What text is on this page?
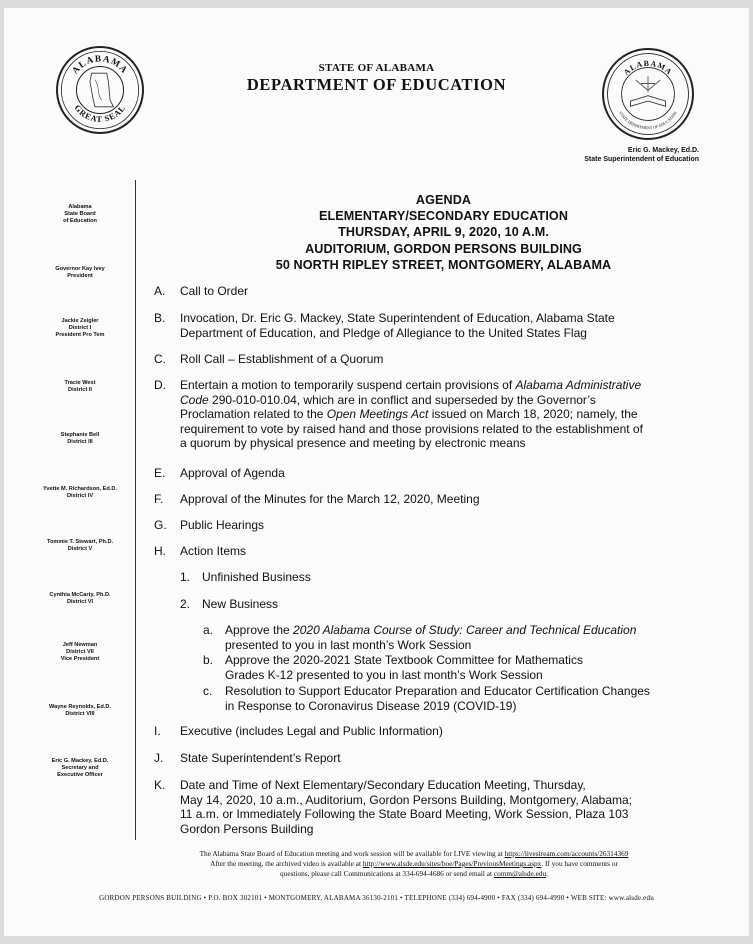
ALABAMA
GREAT SEAL
ALABAMA
STATE DEPARTMENT OF EDUCATION
STATE OF ALABAMA
DEPARTMENT OF EDUCATION
Eric G. Mackey, Ed.D.
State Superintendent of Education
Alabama
State Board
of Education
Governor Kay Ivey
President
Jackie Zeigler
District I
President Pro Tem
Tracie West
District II
Stephanie Bell
District III
Yvette M. Richardson, Ed.D.
District IV
Tommie T. Stewart, Ph.D.
District V
Cynthia McCarty, Ph.D.
District VI
Jeff Newman
District VII
Vice President
Wayne Reynolds, Ed.D.
District VIII
Eric G. Mackey, Ed.D.
Secretary and
Executive Officer
AGENDA
ELEMENTARY/SECONDARY EDUCATION
THURSDAY, APRIL 9, 2020, 10 A.M.
AUDITORIUM, GORDON PERSONS BUILDING
50 NORTH RIPLEY STREET, MONTGOMERY, ALABAMA
A. Call to Order
B. Invocation, Dr. Eric G. Mackey, State Superintendent of Education, Alabama State
Department of Education, and Pledge of Allegiance to the United States Flag
C. Roll Call – Establishment of a Quorum
D. Entertain a motion to temporarily suspend certain provisions of Alabama Administrative
Code 290-010-010.04, which are in conflict and superseded by the Governor’s
Proclamation related to the Open Meetings Act issued on March 18, 2020; namely, the
requirement to vote by raised hand and those provisions related to the establishment of
a quorum by physical presence and meeting by electronic means
E. Approval of Agenda
F. Approval of the Minutes for the March 12, 2020, Meeting
G. Public Hearings
H. Action Items
1. Unfinished Business
2. New Business
a. Approve the 2020 Alabama Course of Study: Career and Technical Education
presented to you in last month’s Work Session
b. Approve the 2020-2021 State Textbook Committee for Mathematics
Grades K-12 presented to you in last month’s Work Session
c. Resolution to Support Educator Preparation and Educator Certification Changes
in Response to Coronavirus Disease 2019 (COVID-19)
I. Executive (includes Legal and Public Information)
J. State Superintendent’s Report
K. Date and Time of Next Elementary/Secondary Education Meeting, Thursday,
May 14, 2020, 10 a.m., Auditorium, Gordon Persons Building, Montgomery, Alabama;
11 a.m. or Immediately Following the State Board Meeting, Work Session, Plaza 103
Gordon Persons Building
The Alabama State Board of Education meeting and work session will be available for LIVE viewing at https://livestream.com/accounts/26314369
After the meeting, the archived video is available at http://www.alsde.edu/sites/boe/Pages/PreviousMeetings.aspx. If you have comments or
questions, please call Communications at 334-694-4686 or send email at comm@alsde.edu.
GORDON PERSONS BUILDING • P.O. BOX 302101 • MONTGOMERY, ALABAMA 36130-2101 • TELEPHONE (334) 694-4900 • FAX (334) 694-4990 • WEB SITE: www.alsde.edu
